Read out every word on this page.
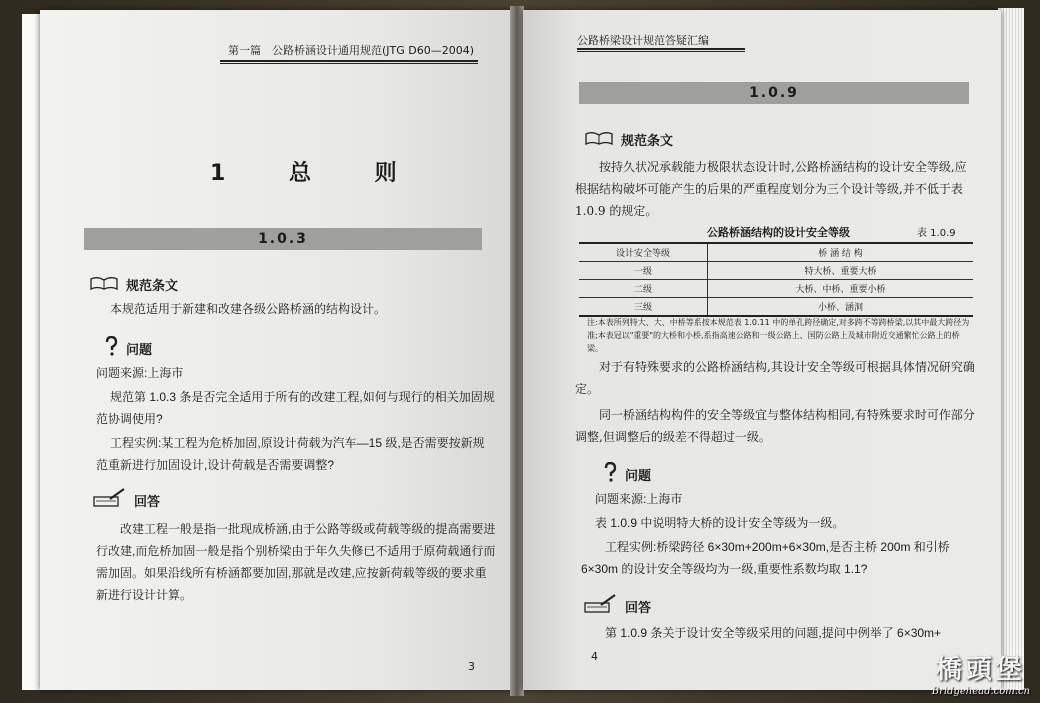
第一篇　公路桥涵设计通用规范(JTG D60—2004)
1 总 则
1.0.3
规范条文
本规范适用于新建和改建各级公路桥涵的结构设计。
问题
问题来源:上海市
规范第 1.0.3 条是否完全适用于所有的改建工程,如何与现行的相关加固规范协调使用?
工程实例:某工程为危桥加固,原设计荷载为汽车—15 级,是否需要按新规范重新进行加固设计,设计荷载是否需要调整?
回答
改建工程一般是指一批现成桥涵,由于公路等级或荷载等级的提高需要进行改建,而危桥加固一般是指个别桥梁由于年久失修已不适用于原荷载通行而需加固。如果沿线所有桥涵都要加固,那就是改建,应按新荷载等级的要求重新进行设计计算。
3
公路桥梁设计规范答疑汇编
1.0.9
规范条文
按持久状况承载能力极限状态设计时,公路桥涵结构的设计安全等级,应根据结构破坏可能产生的后果的严重程度划分为三个设计等级,并不低于表 1.0.9 的规定。
公路桥涵结构的设计安全等级	表 1.0.9
设计安全等级	桥 涵 结 构
一级	特大桥、重要大桥
二级	大桥、中桥、重要小桥
三级	小桥、涵洞
注:本表所列特大、大、中桥等系按本规范表 1.0.11 中的单孔跨径确定,对多跨不等跨桥梁,以其中最大跨径为准;本表冠以"重要"的大桥和小桥,系指高速公路和一级公路上、国防公路上及城市附近交通繁忙公路上的桥梁。
对于有特殊要求的公路桥涵结构,其设计安全等级可根据具体情况研究确定。
同一桥涵结构构件的安全等级宜与整体结构相同,有特殊要求时可作部分调整,但调整后的级差不得超过一级。
问题
问题来源:上海市
表 1.0.9 中说明特大桥的设计安全等级为一级。
工程实例:桥梁跨径 6×30m+200m+6×30m,是否主桥 200m 和引桥 6×30m 的设计安全等级均为一级,重要性系数均取 1.1?
回答
第 1.0.9 条关于设计安全等级采用的问题,提问中例举了 6×30m+
4	橋頭堡
Bridgehead.com.cn
